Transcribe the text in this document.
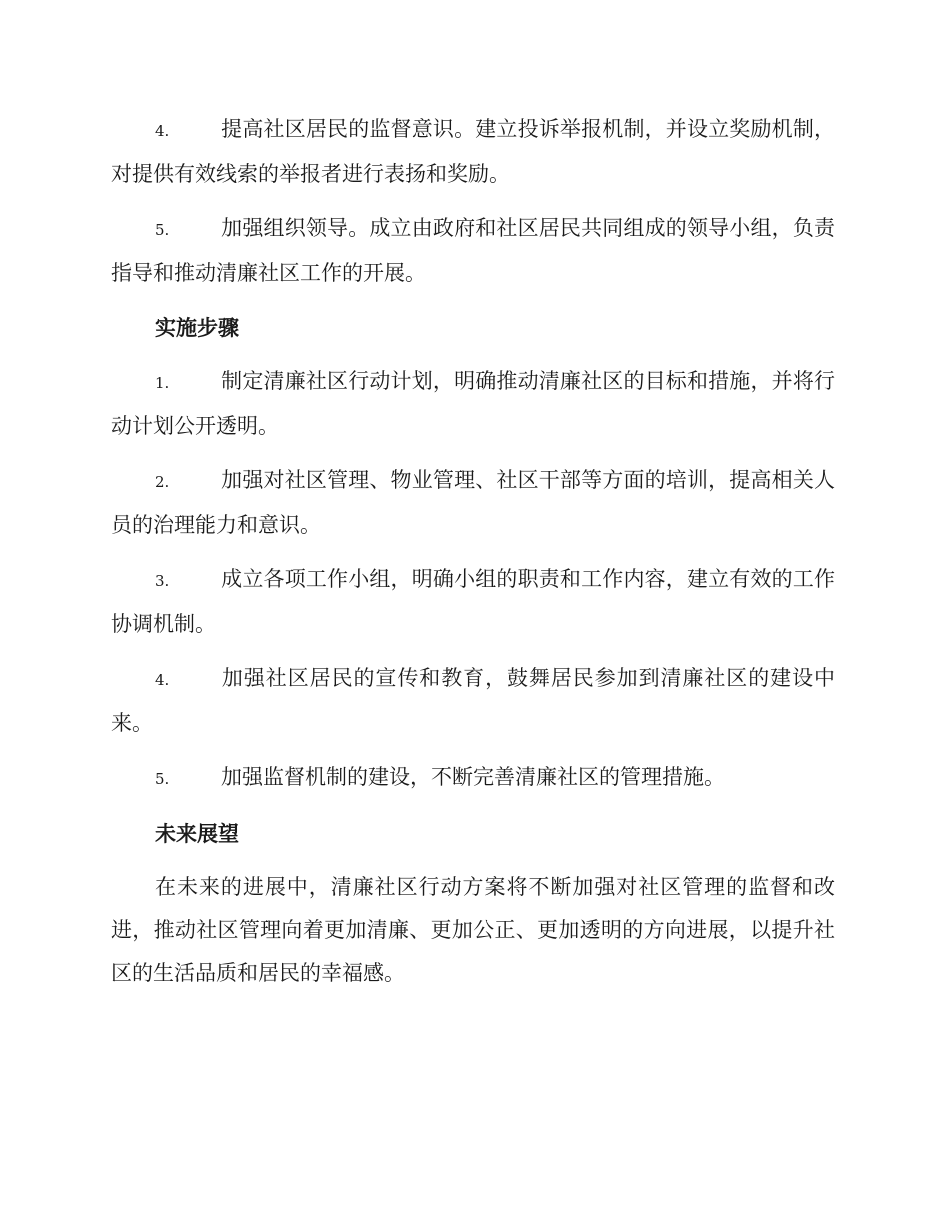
4. 提高社区居民的监督意识。建立投诉举报机制，并设立奖励机制，对提供有效线索的举报者进行表扬和奖励。

5. 加强组织领导。成立由政府和社区居民共同组成的领导小组，负责指导和推动清廉社区工作的开展。

实施步骤

1. 制定清廉社区行动计划，明确推动清廉社区的目标和措施，并将行动计划公开透明。

2. 加强对社区管理、物业管理、社区干部等方面的培训，提高相关人员的治理能力和意识。

3. 成立各项工作小组，明确小组的职责和工作内容，建立有效的工作协调机制。

4. 加强社区居民的宣传和教育，鼓舞居民参加到清廉社区的建设中来。

5. 加强监督机制的建设，不断完善清廉社区的管理措施。

未来展望

在未来的进展中，清廉社区行动方案将不断加强对社区管理的监督和改进，推动社区管理向着更加清廉、更加公正、更加透明的方向进展，以提升社区的生活品质和居民的幸福感。
